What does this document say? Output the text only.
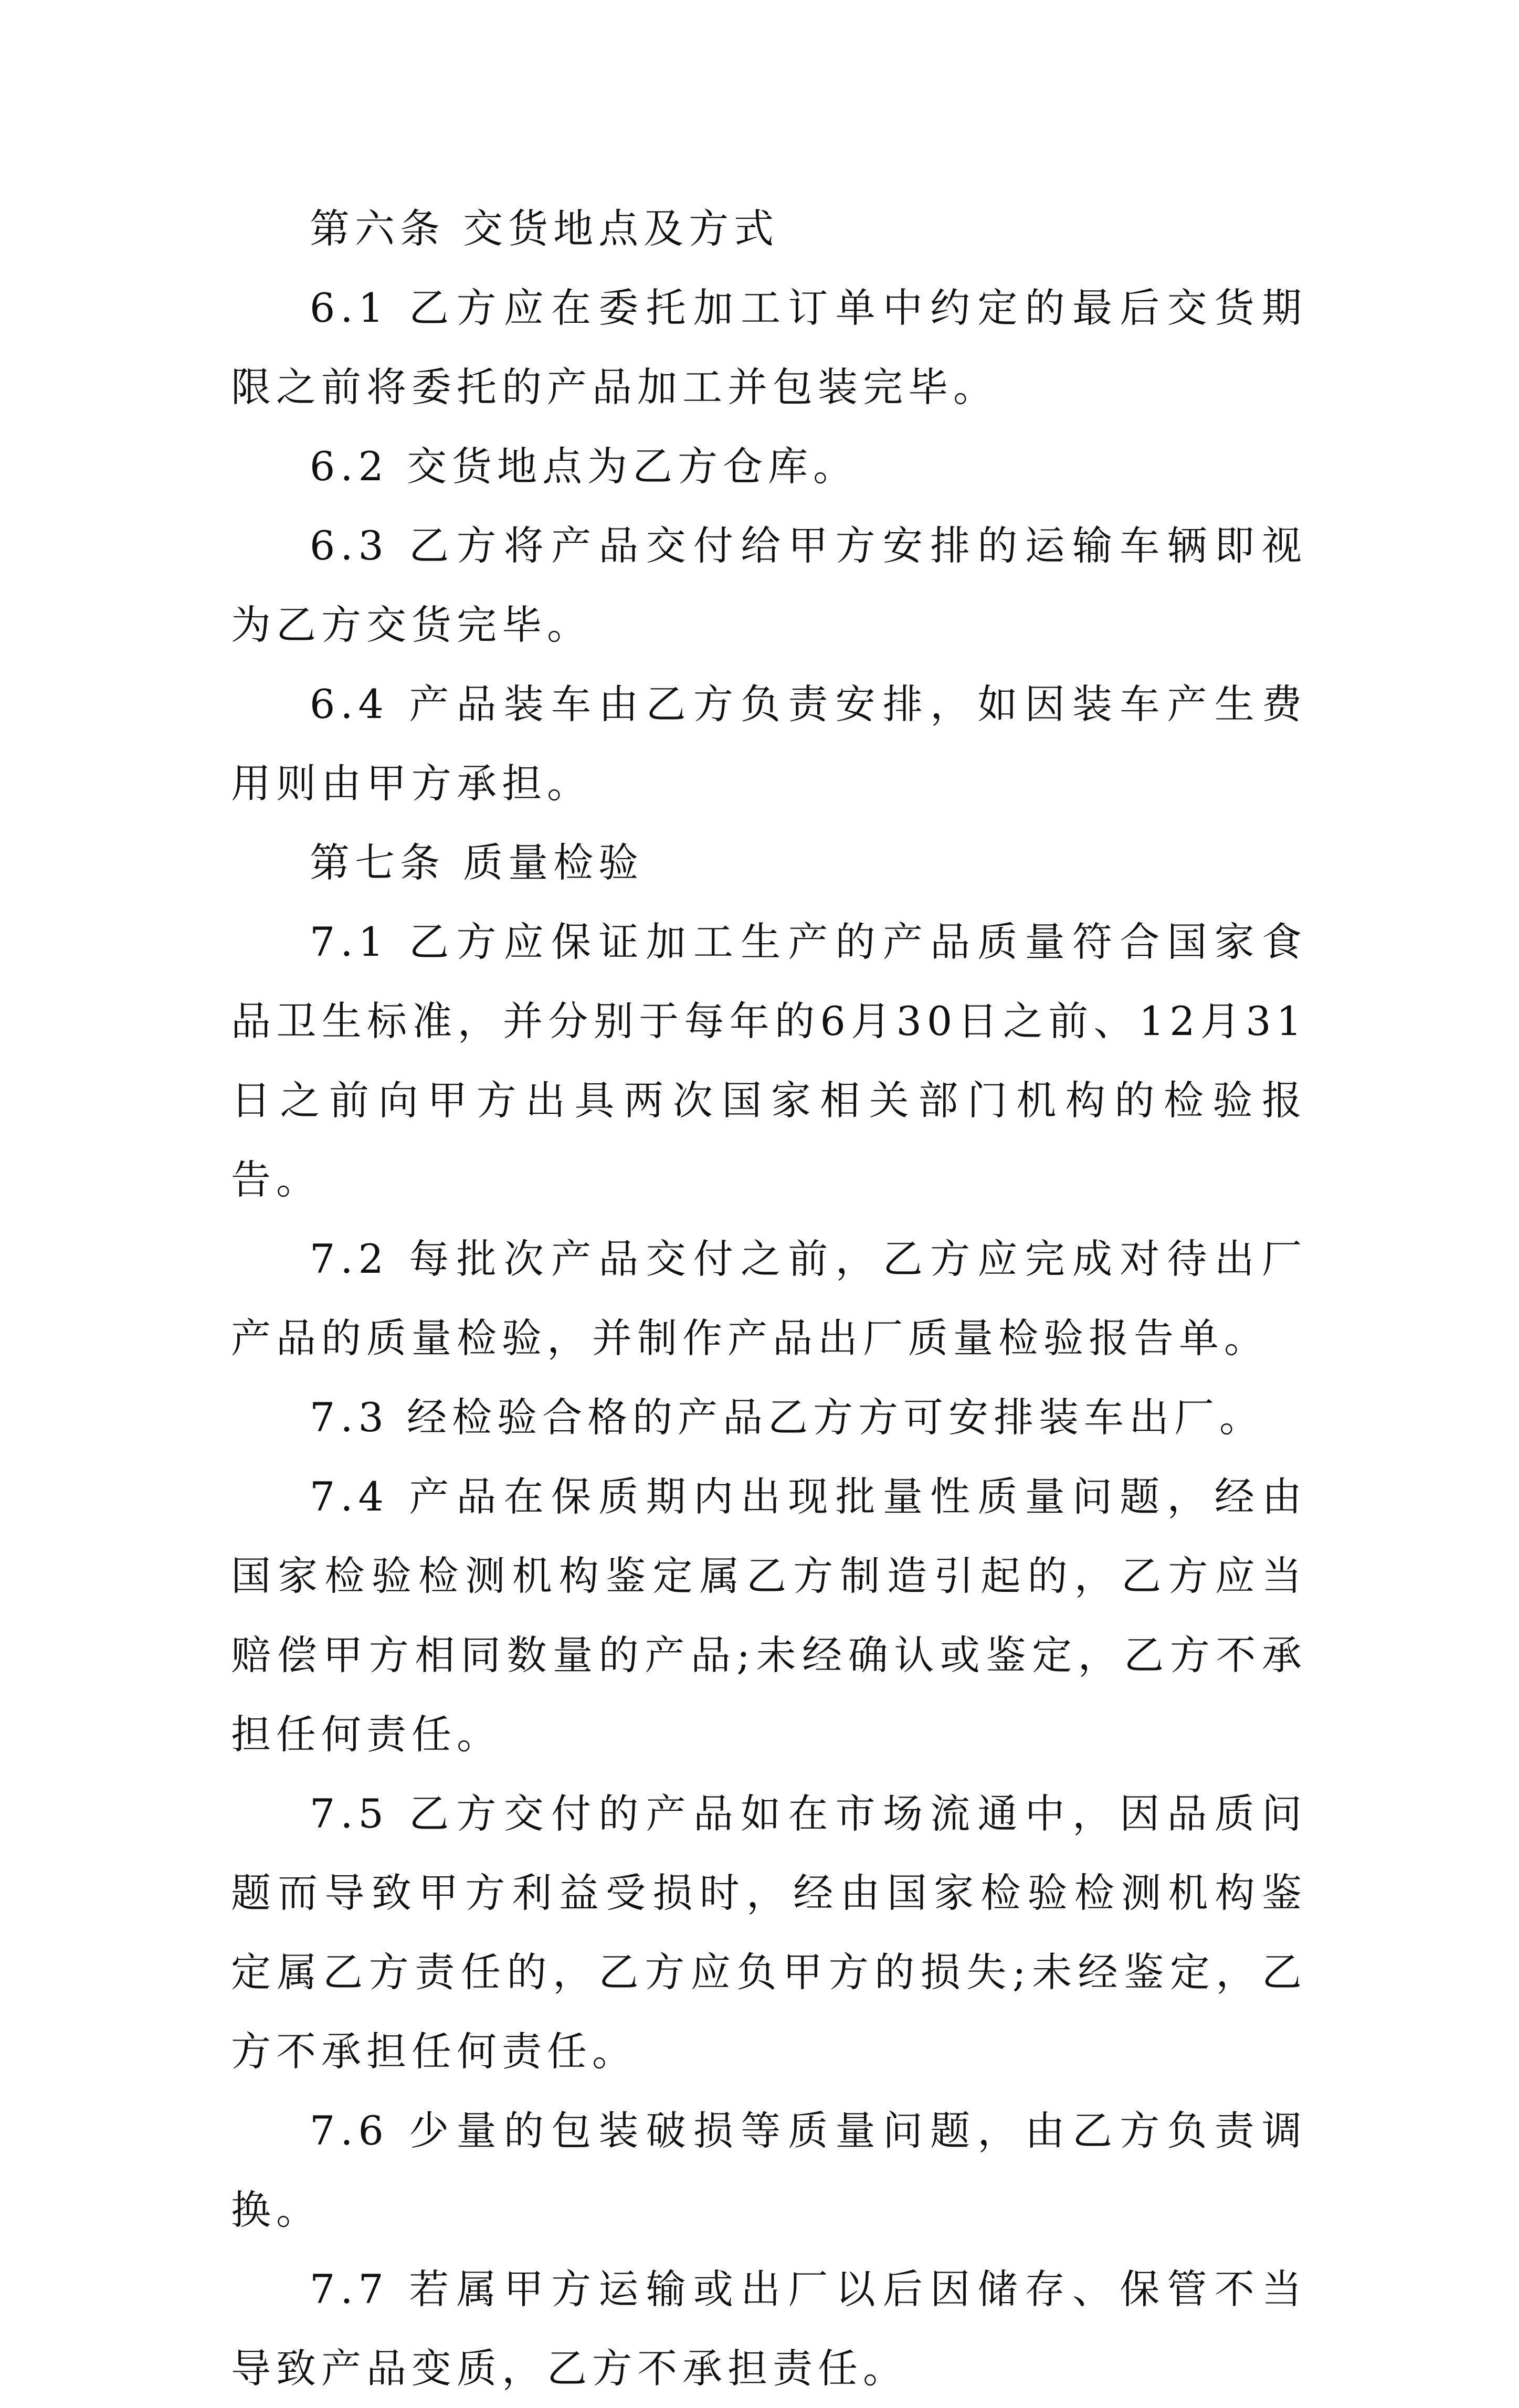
第六条 交货地点及方式

6.1 乙方应在委托加工订单中约定的最后交货期限之前将委托的产品加工并包装完毕。

6.2 交货地点为乙方仓库。

6.3 乙方将产品交付给甲方安排的运输车辆即视为乙方交货完毕。

6.4 产品装车由乙方负责安排，如因装车产生费用则由甲方承担。

第七条 质量检验

7.1 乙方应保证加工生产的产品质量符合国家食品卫生标准，并分别于每年的6月30日之前、12月31日之前向甲方出具两次国家相关部门机构的检验报告。

7.2 每批次产品交付之前，乙方应完成对待出厂产品的质量检验，并制作产品出厂质量检验报告单。

7.3 经检验合格的产品乙方方可安排装车出厂。

7.4 产品在保质期内出现批量性质量问题，经由国家检验检测机构鉴定属乙方制造引起的，乙方应当赔偿甲方相同数量的产品;未经确认或鉴定，乙方不承担任何责任。

7.5 乙方交付的产品如在市场流通中，因品质问题而导致甲方利益受损时，经由国家检验检测机构鉴定属乙方责任的，乙方应负甲方的损失;未经鉴定，乙方不承担任何责任。

7.6 少量的包装破损等质量问题，由乙方负责调换。

7.7 若属甲方运输或出厂以后因储存、保管不当导致产品变质，乙方不承担责任。
